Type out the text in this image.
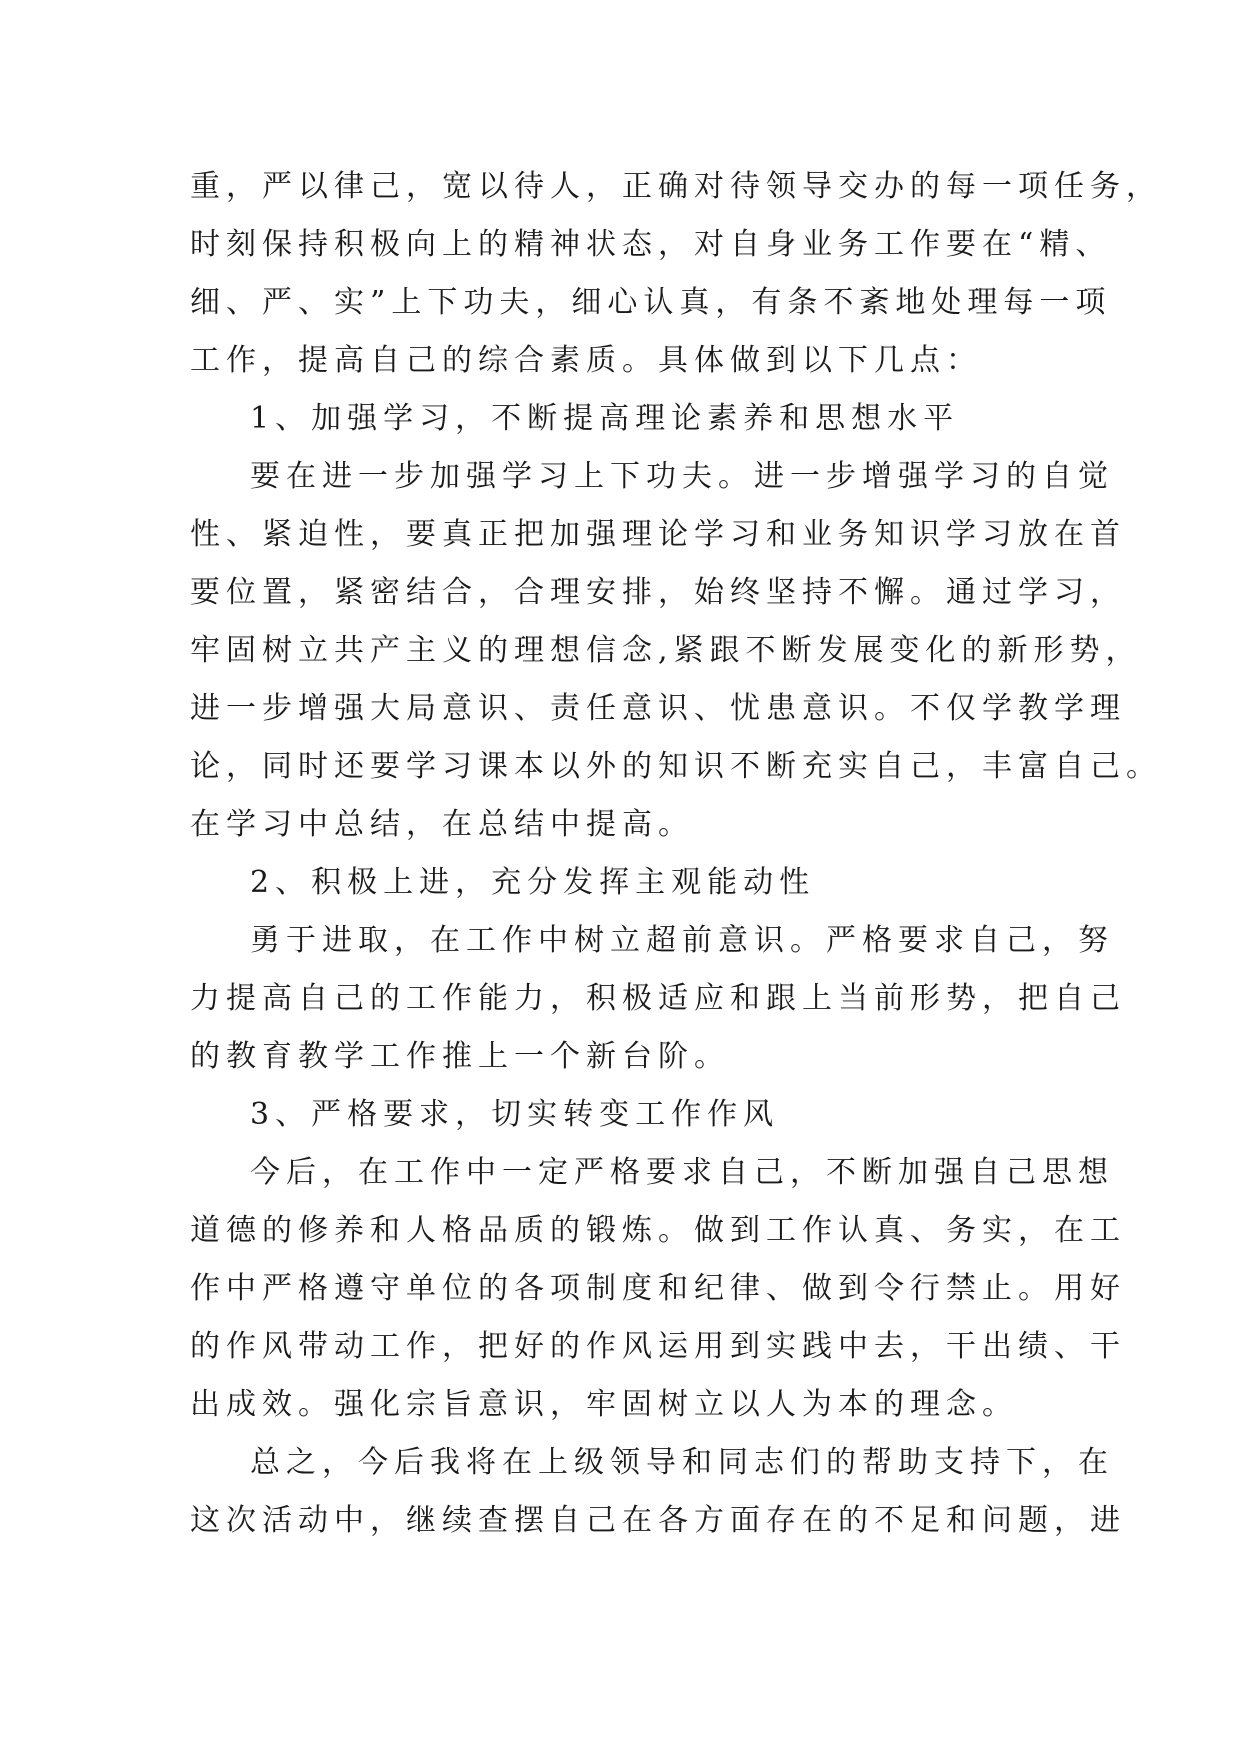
重，严以律己，宽以待人，正确对待领导交办的每一项任务，
时刻保持积极向上的精神状态，对自身业务工作要在“精、
细、严、实”上下功夫，细心认真，有条不紊地处理每一项
工作，提高自己的综合素质。具体做到以下几点：
1、加强学习，不断提高理论素养和思想水平
要在进一步加强学习上下功夫。进一步增强学习的自觉
性、紧迫性，要真正把加强理论学习和业务知识学习放在首
要位置，紧密结合，合理安排，始终坚持不懈。通过学习，
牢固树立共产主义的理想信念,紧跟不断发展变化的新形势，
进一步增强大局意识、责任意识、忧患意识。不仅学教学理
论，同时还要学习课本以外的知识不断充实自己，丰富自己。
在学习中总结，在总结中提高。
2、积极上进，充分发挥主观能动性
勇于进取，在工作中树立超前意识。严格要求自己，努
力提高自己的工作能力，积极适应和跟上当前形势，把自己
的教育教学工作推上一个新台阶。
3、严格要求，切实转变工作作风
今后，在工作中一定严格要求自己，不断加强自己思想
道德的修养和人格品质的锻炼。做到工作认真、务实，在工
作中严格遵守单位的各项制度和纪律、做到令行禁止。用好
的作风带动工作，把好的作风运用到实践中去，干出绩、干
出成效。强化宗旨意识，牢固树立以人为本的理念。
总之，今后我将在上级领导和同志们的帮助支持下，在
这次活动中，继续查摆自己在各方面存在的不足和问题，进
